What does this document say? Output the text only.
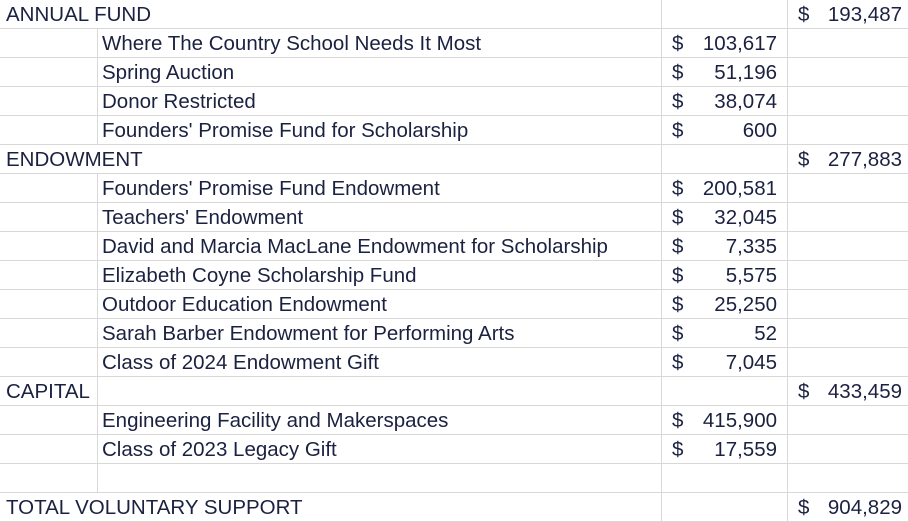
ANNUAL FUND	$ 193,487
Where The Country School Needs It Most	$ 103,617
Spring Auction	$ 51,196
Donor Restricted	$ 38,074
Founders' Promise Fund for Scholarship	$	600
ENDOWMENT	$ 277,883
Founders' Promise Fund Endowment	$ 200,581
Teachers' Endowment	$ 32,045
David and Marcia MacLane Endowment for Scholarship	$ 7,335
Elizabeth Coyne Scholarship Fund	$ 5,575
Outdoor Education Endowment	$ 25,250
Sarah Barber Endowment for Performing Arts	$	52
Class of 2024 Endowment Gift	$ 7,045
CAPITAL	$ 433,459
Engineering Facility and Makerspaces	$ 415,900
Class of 2023 Legacy Gift	$ 17,559
TOTAL VOLUNTARY SUPPORT	$ 904,829
